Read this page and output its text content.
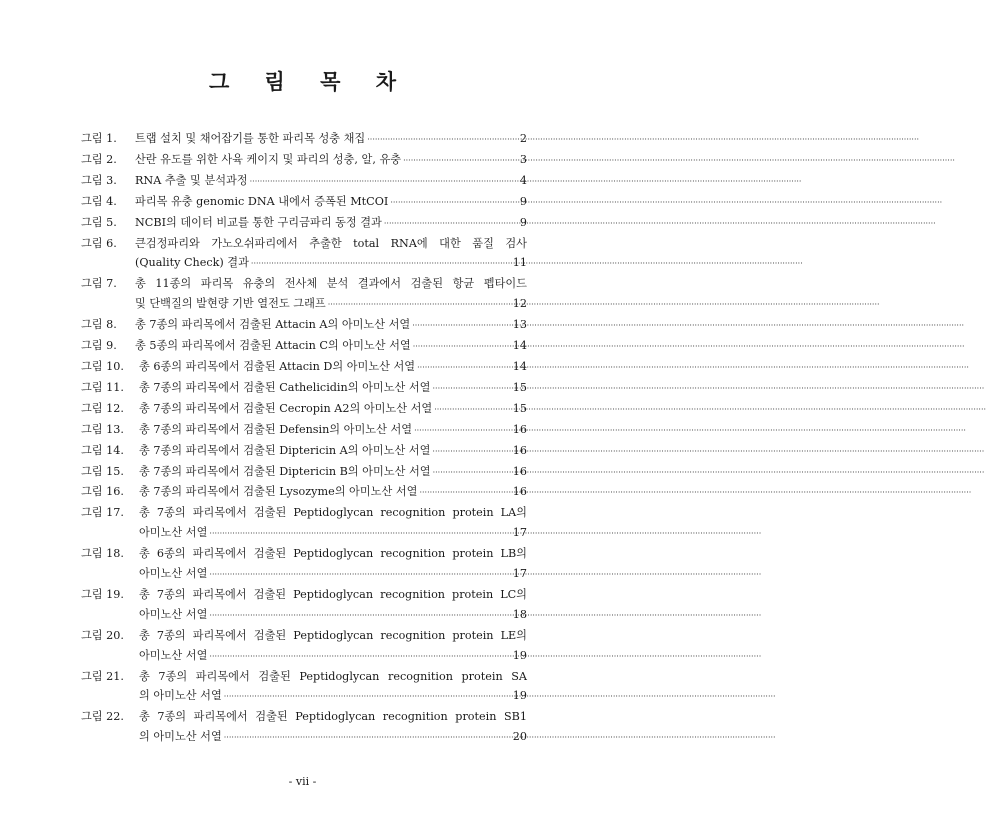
그 림 목 차
그림 1.	트랩 설치 및 채어잡기를 통한 파리목 성충 채집 ·····	2
그림 2.	산란 유도를 위한 사육 케이지 및 파리의 성충, 알, 유충 ·····	3
그림 3.	RNA 추출 및 분석과정 ·····	4
그림 4.	파리목 유충 genomic DNA 내에서 증폭된 MtCOI ·····	9
그림 5.	NCBI의 데이터 비교를 통한 구리금파리 동정 결과 ·····	9
그림 6.	큰검정파리와 가노오쉬파리에서 추출한 total RNA에 대한 품질 검사
(Quality Check) 결과 ·····	11
그림 7.	총 11종의 파리목 유충의 전사체 분석 결과에서 검출된 항균 펩타이드
및 단백질의 발현량 기반 열전도 그래프 ·····	12
그림 8.	총 7종의 파리목에서 검출된 Attacin A의 아미노산 서열 ·····	13
그림 9.	총 5종의 파리목에서 검출된 Attacin C의 아미노산 서열 ·····	14
그림 10.	총 6종의 파리목에서 검출된 Attacin D의 아미노산 서열 ·····	14
그림 11.	총 7종의 파리목에서 검출된 Cathelicidin의 아미노산 서열 ·····	15
그림 12.	총 7종의 파리목에서 검출된 Cecropin A2의 아미노산 서열 ·····	15
그림 13.	총 7종의 파리목에서 검출된 Defensin의 아미노산 서열 ·····	16
그림 14.	총 7종의 파리목에서 검출된 Diptericin A의 아미노산 서열 ·····	16
그림 15.	총 7종의 파리목에서 검출된 Diptericin B의 아미노산 서열 ·····	16
그림 16.	총 7종의 파리목에서 검출된 Lysozyme의 아미노산 서열 ·····	16
그림 17.	총 7종의 파리목에서 검출된 Peptidoglycan recognition protein LA의
아미노산 서열 ·····	17
그림 18.	총 6종의 파리목에서 검출된 Peptidoglycan recognition protein LB의
아미노산 서열 ·····	17
그림 19.	총 7종의 파리목에서 검출된 Peptidoglycan recognition protein LC의
아미노산 서열 ·····	18
그림 20.	총 7종의 파리목에서 검출된 Peptidoglycan recognition protein LE의
아미노산 서열 ·····	19
그림 21.	총 7종의 파리목에서 검출된 Peptidoglycan recognition protein SA
의 아미노산 서열 ·····	19
그림 22.	총 7종의 파리목에서 검출된 Peptidoglycan recognition protein SB1
의 아미노산 서열 ·····	20
- vii -
